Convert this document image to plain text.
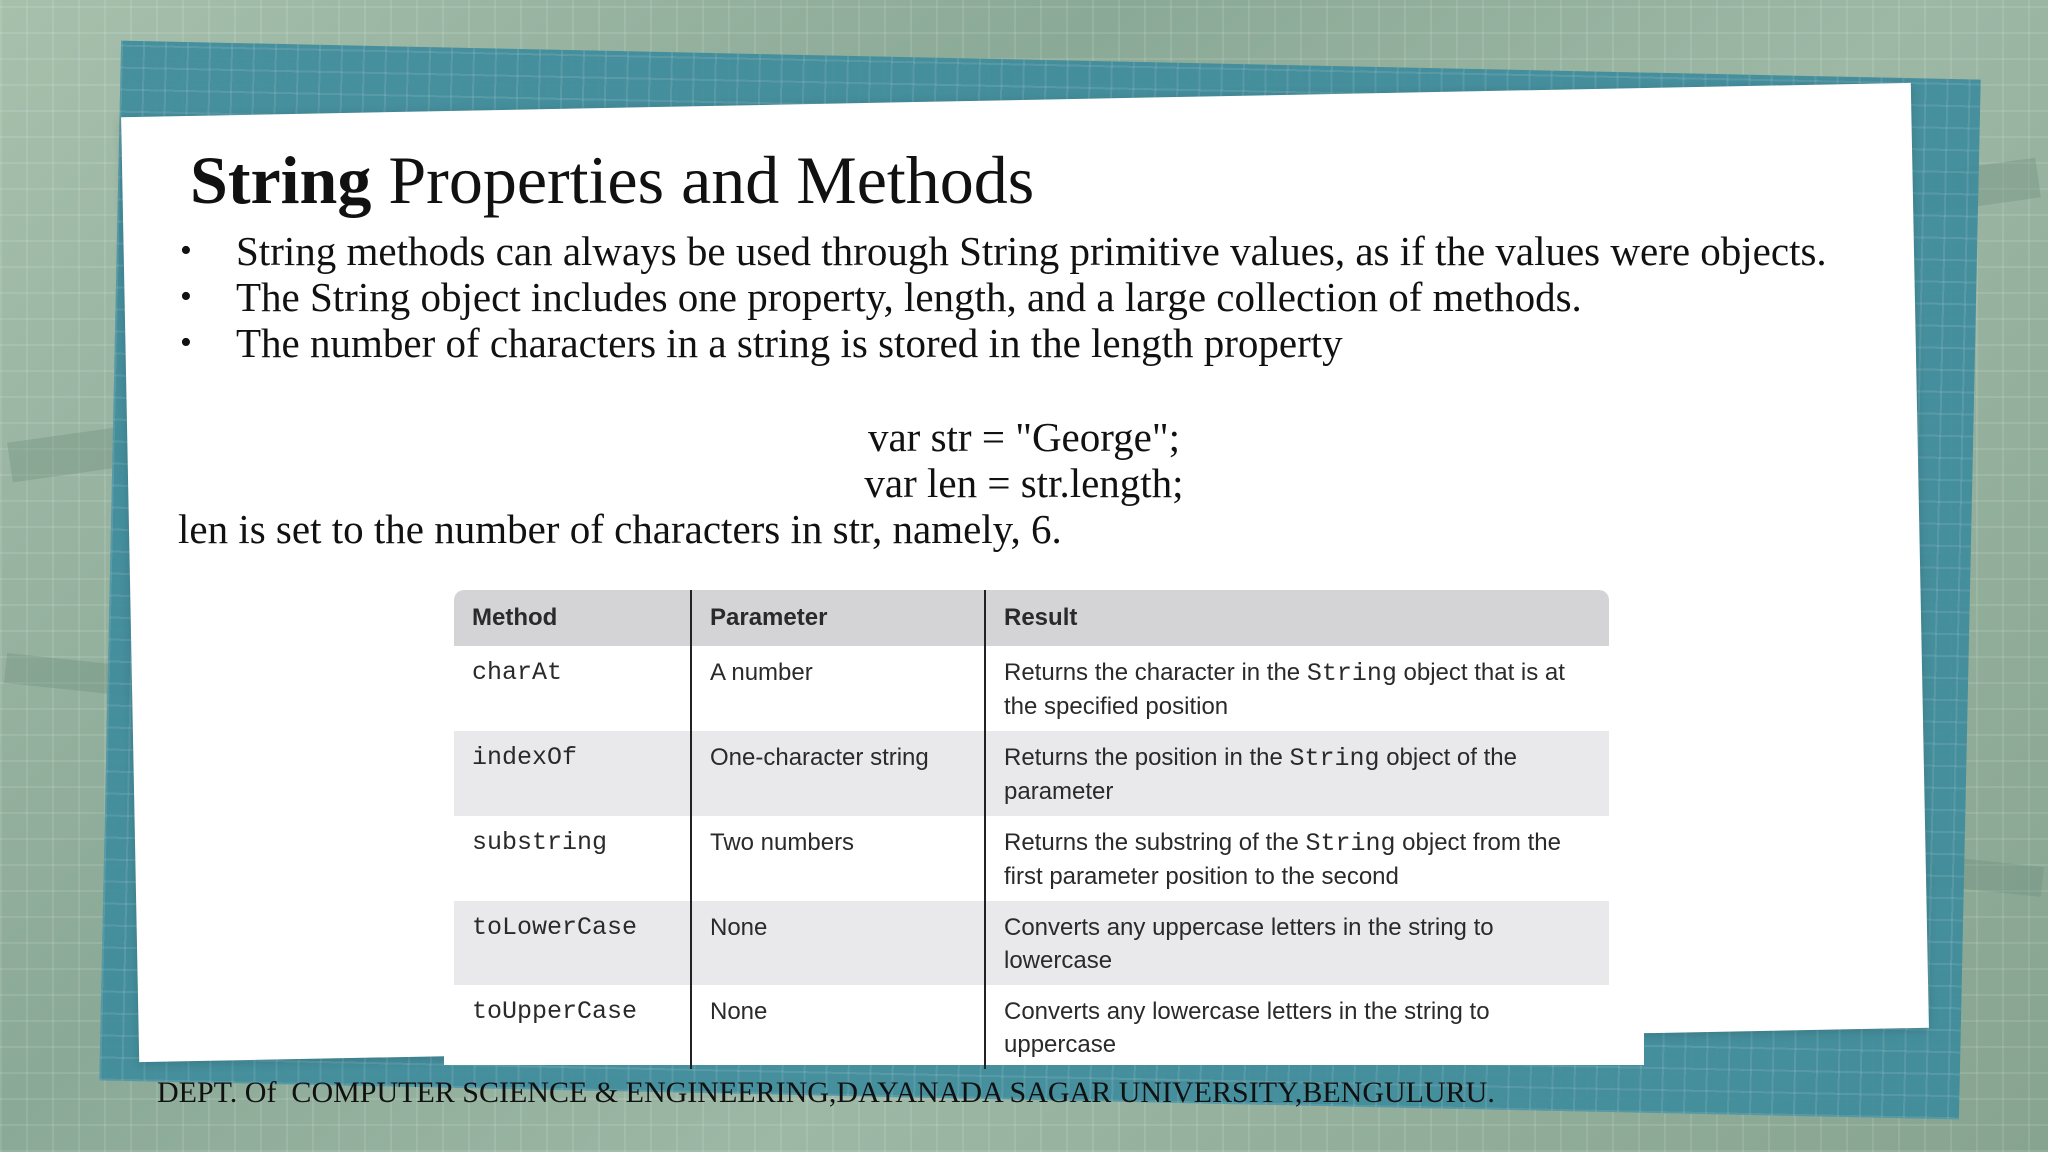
String Properties and Methods
• String methods can always be used through String primitive values, as if the values were objects.
• The String object includes one property, length, and a large collection of methods.
• The number of characters in a string is stored in the length property
var str = "George";
var len = str.length;
len is set to the number of characters in str, namely, 6.
Method	Parameter	Result
charAt	A number	Returns the character in the String object that is at the specified position
indexOf	One-character string	Returns the position in the String object of the parameter
substring	Two numbers	Returns the substring of the String object from the first parameter position to the second
toLowerCase	None	Converts any uppercase letters in the string to lowercase
toUpperCase	None	Converts any lowercase letters in the string to uppercase
DEPT. Of  COMPUTER SCIENCE & ENGINEERING,DAYANADA SAGAR UNIVERSITY,BENGULURU.
